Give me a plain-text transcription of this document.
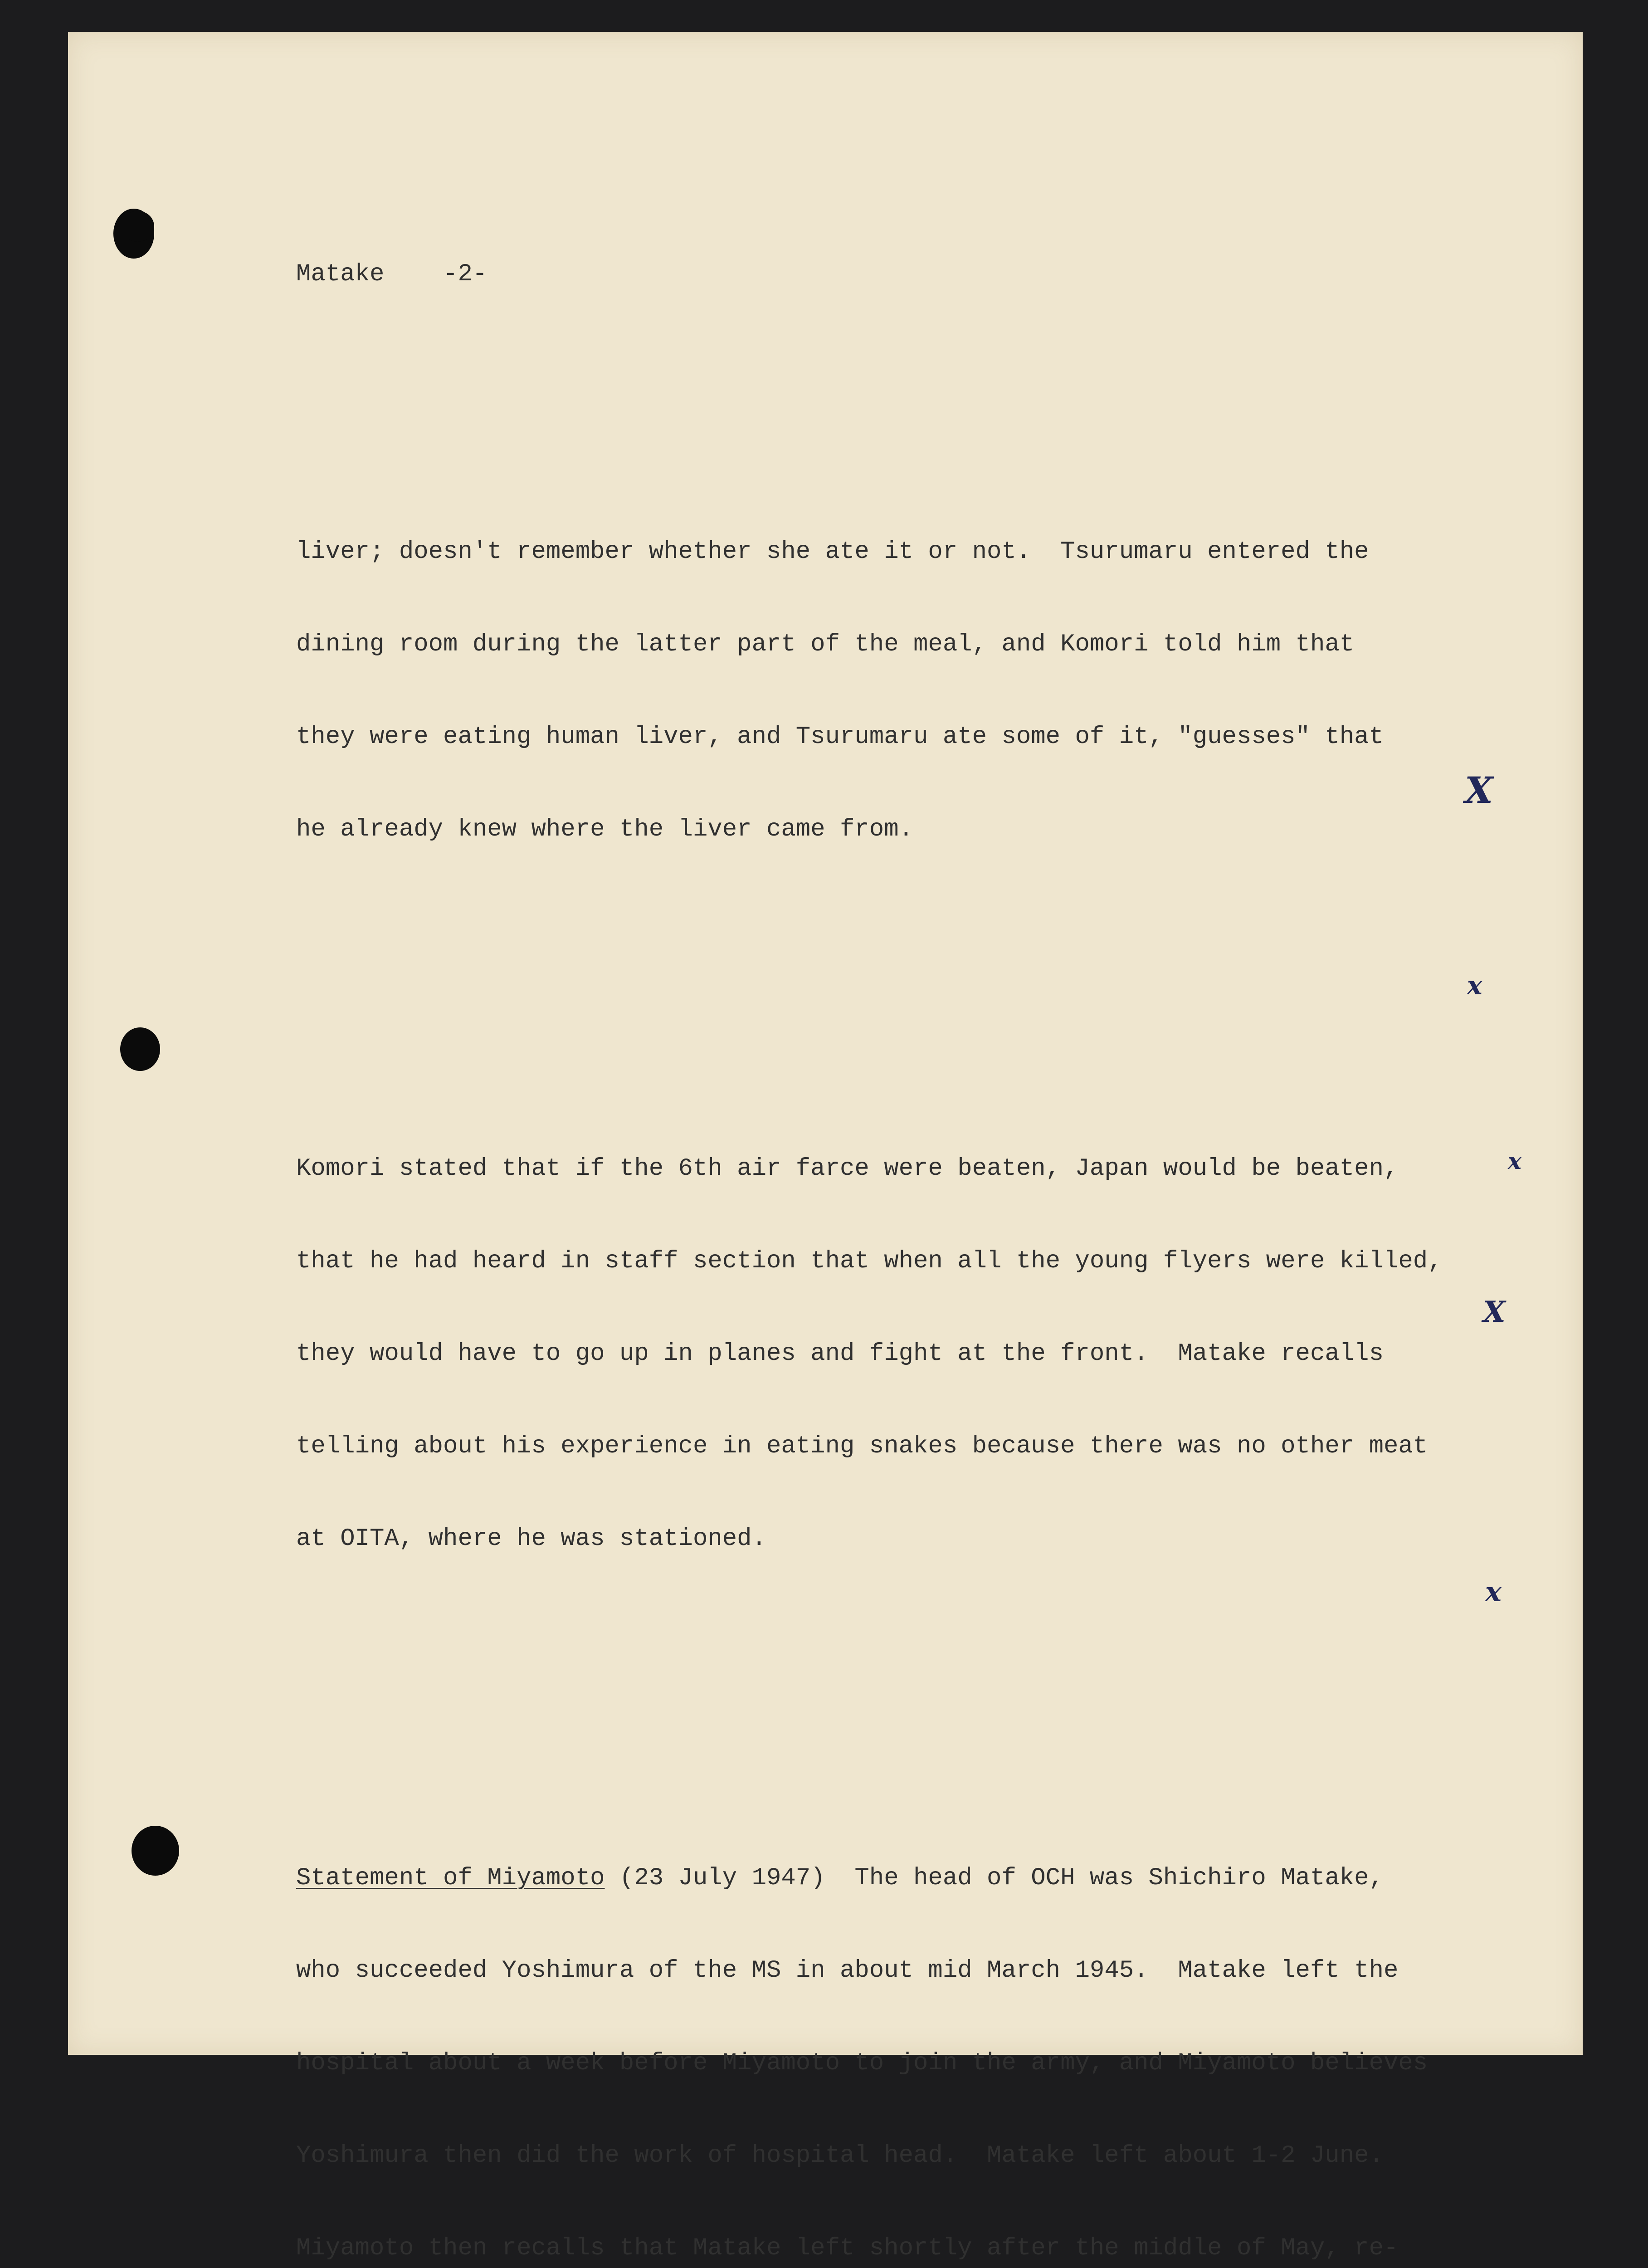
Matake -2-

liver; doesn't remember whether she ate it or not.  Tsurumaru entered the

dining room during the latter part of the meal, and Komori told him that

they were eating human liver, and Tsurumaru ate some of it, "guesses" that

he already knew where the liver came from.

Komori stated that if the 6th air farce were beaten, Japan would be beaten,

that he had heard in staff section that when all the young flyers were killed,

they would have to go up in planes and fight at the front.  Matake recalls

telling about his experience in eating snakes because there was no other meat

at OITA, where he was stationed.

Statement of Miyamoto (23 July 1947)  The head of OCH was Shichiro Matake,

who succeeded Yoshimura of the MS in about mid March 1945.  Matake left the

hospital about a week before Miyamoto to join the army, and Miyamoto believes

Yoshimura then did the work of hospital head.  Matake left about 1-2 June.

Miyamoto then recalls that Matake left shortly after the middle of May, re-

X
x
x
X
x
